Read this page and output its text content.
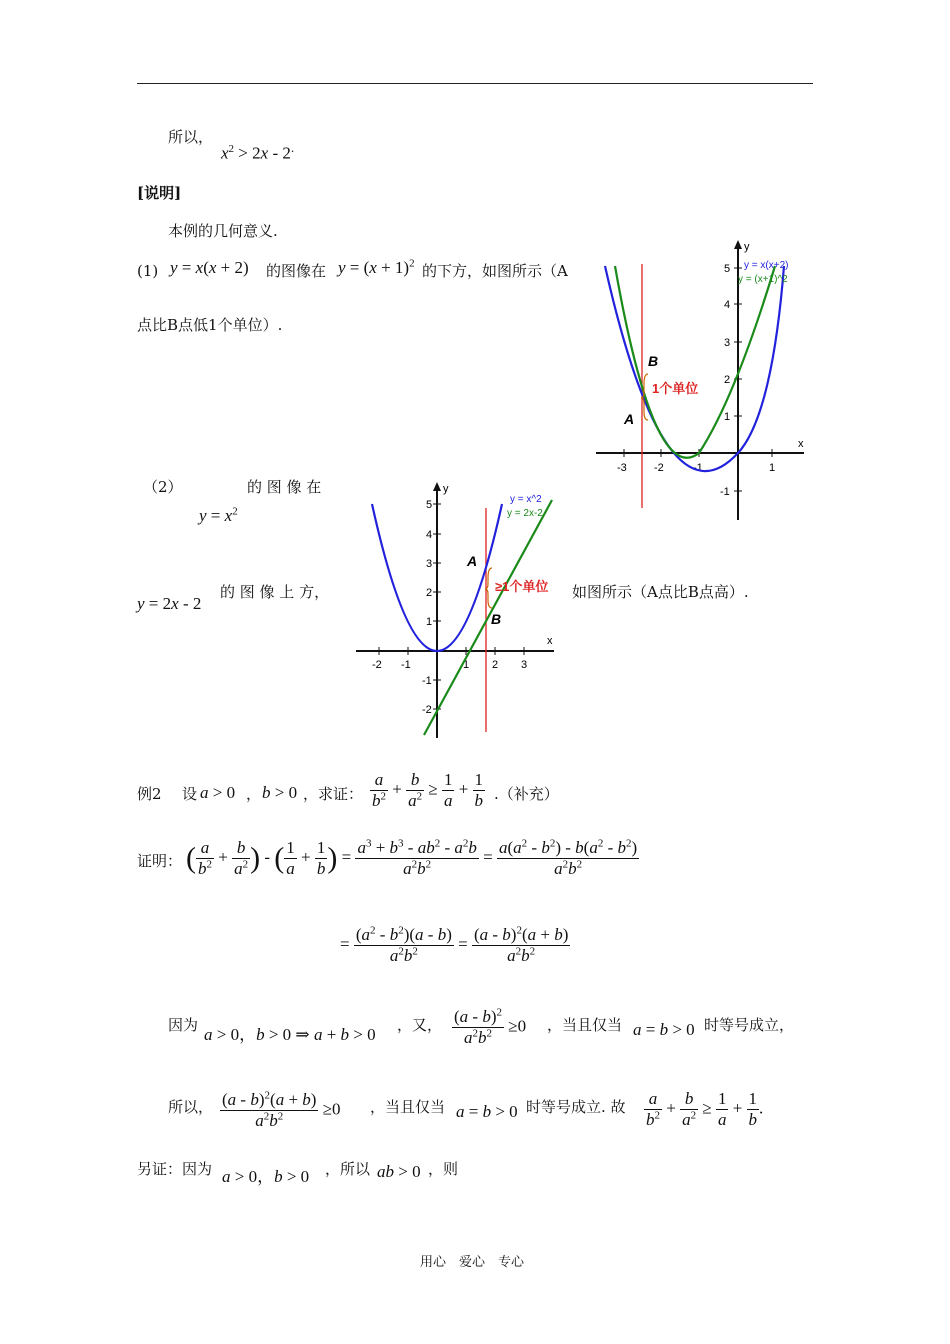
所以，
$x^2 > 2x - 2^.$
[说明]
本例的几何意义.
(1) y = x(x + 2) 的图像在 $y = (x + 1)^2$ 的下方，如图所示（A
点比B点低1个单位）.
x
y
-3 -2	-1	1
5
4
3
2
1
-1
B
A
1个单位
y = x(x+2)
y = (x+1)^2
（2）	的 图 像 在
$y = x^2$
y = 2x - 2
的 图 像 上 方，	如图所示（A点比B点高）.
x
y
-2 -1	1 2 3
5
4
3
2
1
-1
-2
A
B
≥1个单位
y = x^2
y = 2x-2
例2 设 a > 0 ， b > 0 ， 求证： $\frac{a}{b^2} + \frac{b}{a^2} \ge \frac{1}{a} + \frac{1}{b}$ .（补充）
证明： ( $\frac{a}{b^2} + \frac{b}{a^2}$ ) - ( $\frac{1}{a} + \frac{1}{b}$ ) = $\frac{a^3 + b^3 - ab^2 - a^2b}{a^2b^2} = \frac{a(a^2 - b^2) - b(a^2 - b^2)}{a^2b^2}$
= $\frac{(a^2 - b^2)(a - b)}{a^2b^2} = \frac{(a - b)^2(a + b)}{a^2b^2}$
因为 a > 0，b > 0 ⇒ a + b > 0 ，又， $\frac{(a - b)^2}{a^2b^2} \ge 0$ ，当且仅当 a = b > 0 时等号成立，
所以， $\frac{(a - b)^2(a + b)}{a^2b^2} \ge 0$ ，当且仅当 a = b > 0 时等号成立. 故 $\frac{a}{b^2} + \frac{b}{a^2} \ge \frac{1}{a} + \frac{1}{b}$ .
另证：因为 a > 0，b > 0 ，所以 ab > 0 ，则
用心　爱心　专心
